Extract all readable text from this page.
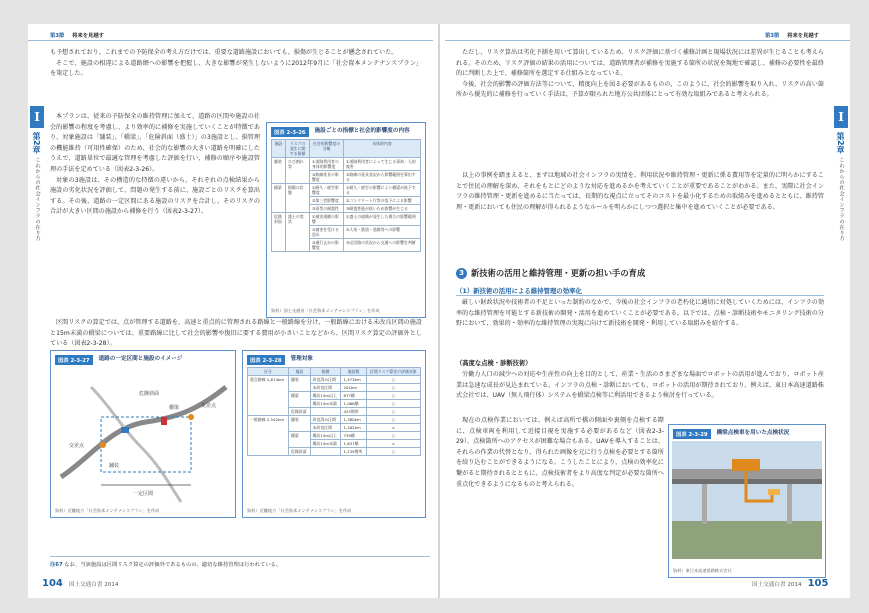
第3節 将来を見越す	第3節 将来を見越す
I
第2章
これからの社会インフラの在り方
I
第2章
これからの社会インフラの在り方

も予想されており、これまでの予防保全の考え方だけでは、重要な道路施設においても、損傷が生じることが懸念されていた。

そこで、施設の相違による道路網への影響を把握し、大きな影響が発生しないように2012年9月に「社会資本メンテナンスプラン」を策定した。

本プランは、従来の予防保全の維持管理に加えて、道路の区間や施設の社会的影響の程度を考慮し、より効率的に補修を実施していくことが特徴であり、対象施設は「舗装」、「橋梁」、「危険斜面（盛土）」の3施設とし、損管理の機能維持（可用性確保）のため、社会的な影響の大きい道路を明確にしたうえで、道路単位で最適な管理を考慮した評価を行い、補修の順序や施設管理の手法を定めている（図表2-3-26）。

対象の3施設は、その構造的な特徴の違いから、それぞれの点検結果から施設の劣化状況を評価して、問題の発生する前に、施設ごとのリスクを算出する。その後、道路の一定区間にある施設のリスクを合計し、そのリスクの合計が大きい区間の施設から補修を行う（図表2-3-27）。

区間リスクの算定では、点が管理する道路を、高速と重点的に管理される路線と一般路線を分け、一般路線における未改良区間の施設と15m未満の橋梁については、重要路線に比して社会的影響や復旧に要する費用が小さいことなどから、区間リスク算定の評価外としている（図表2-3-28）。

図表 2-3-26	施設ごとの指標と社会的影響度の内容
施設	リスクの発生に関する指標	社会的影響度の分類	具体的内容
舗装	ひび割れ等	①道路利用者の身体的影響度	①道路利用者によって生じる事故・人的被害
		②路線延長の影響度	②路線の延長状況から影響範囲を算出する
橋梁	損傷の状態	①耐久・疲労影響度	①耐久・疲労の影響により橋梁が低下する
		②第三者影響度	②コンクリート片等の落下による影響
		③旧型の耐震性	③耐震性能が低いため影響が生じる
危険斜面	盛土の変状	①被害規模の影響	①盛土の崩壊が発生した場合の影響範囲
		②被害を受ける恐れ	②人家・鉄道・道路等への影響
		③通行止めの影響度	③迂回路の状況から交通への影響を判断
資料）国土交通省「社会資本メンテナンスプラン」を作成
図表 2-3-27	道路の一定区間と施設のイメージ
交差点
危険斜面
舗装
橋梁	交差点
一定区間
資料）近畿地方「社会資本メンテナンスプラン」を作成
図表 2-3-28	管理対象
区分	施設	指標	施設数	区間リスク算定の評価対象
重点路線 1,674km	舗装	改良済み区間	1,473km	○
		未改良区間	201km	○
	橋梁	橋長15m以上	877橋	○
		橋長15m未満	1,066橋	○
	危険斜面		433箇所	○
一般路線 2,542km	舗装	改良済み区間	1,380km	○
		未改良区間	1,162km	×
	橋梁	橋長15m以上	739橋	○
		橋長15m未満	1,637橋	×
	危険斜面		1,139箇所	○
資料）近畿地方「社会資本メンテナンスプラン」を作成
注67 なお、当該施設は区間リスク算定の評価外であるものの、適切な維持管理は行われている。
104 国土交通白書 2014

ただし、リスク算出は劣化予測を用いて算出しているため、リスク評価に基づく補修計画と現場状況には差異が生じることも考えられる。そのため、リスク評価の結果の活用については、道路管理者が補修を実施する箇所の状況を現地で確認し、補修の必要性を最終的に判断した上で、補修箇所を選定する仕組みとなっている。

今後、社会的影響の評価方法等について、精度向上を図る必要があるものの、このように、社会的影響を取り入れ、リスクの高い箇所から優先的に補修を行っていく手法は、予算が限られた地方公共団体にとって有効な取組みであると考えられる。

以上の事例を踏まえると、まずは地域の社会インフラの実情を、利用状況や維持管理・更新に係る費用等を定量的に明らかにすることで住民の理解を深め、それをもとにどのような対応を進めるかを考えていくことが重要であることがわかる。また、実際に社会インフラの維持管理・更新を進めるに当たっては、長期的な視点に立ってそのコストを最小化するための取組みを進めるとともに、維持管理・更新においても住民の理解が得られるようなルールを明らかにしつつ選択と集中を進めていくことが必要である。

3 新技術の活用と維持管理・更新の担い手の育成
（1）新技術の活用による維持管理の効率化

厳しい財政状況や技術者の不足といった制約のなかで、今後の社会インフラの老朽化に適切に対処していくためには、インフラの効率的な維持管理を可能とする新技術の開発・活用を進めていくことが必要である。以下では、点検・診断技術やモニタリング技術の分野において、効果的・効率的な維持管理の実現に向けて新技術を開発・利用している取組みを紹介する。

（高度な点検・診断技術）

労働力人口の減少への対応や生産性の向上を目的として、産業・生活のさまざまな場面でロボットの活用が進んでおり、ロボット産業は急速な成長が見込まれている。インフラの点検・診断においても、ロボットの活用が期待されており、例えば、東日本高速道路株式会社では、UAV（無人飛行体）システムを橋梁点検等に利活用できるよう検討を行っている。

現在の点検作業においては、例えば高所で橋の側面や裏側を点検する際に、点検車両を利用して近接目視を実施する必要があるなど（図表2-3-29）、点検箇所へのアクセスが困難な場合もある。UAVを導入することは、それらの作業の代替となり、得られた画像を元に行う点検を必要とする箇所を絞り込むことができるようになる。こうしたことにより、点検の効率化に繋がると期待されるとともに、点検技術者をより高度な判定が必要な箇所へ重点化できるようになるものと考えられる。

図表 2-3-29	橋梁点検車を用いた点検状況
資料）東日本高速道路株式会社
国土交通白書 2014 105
